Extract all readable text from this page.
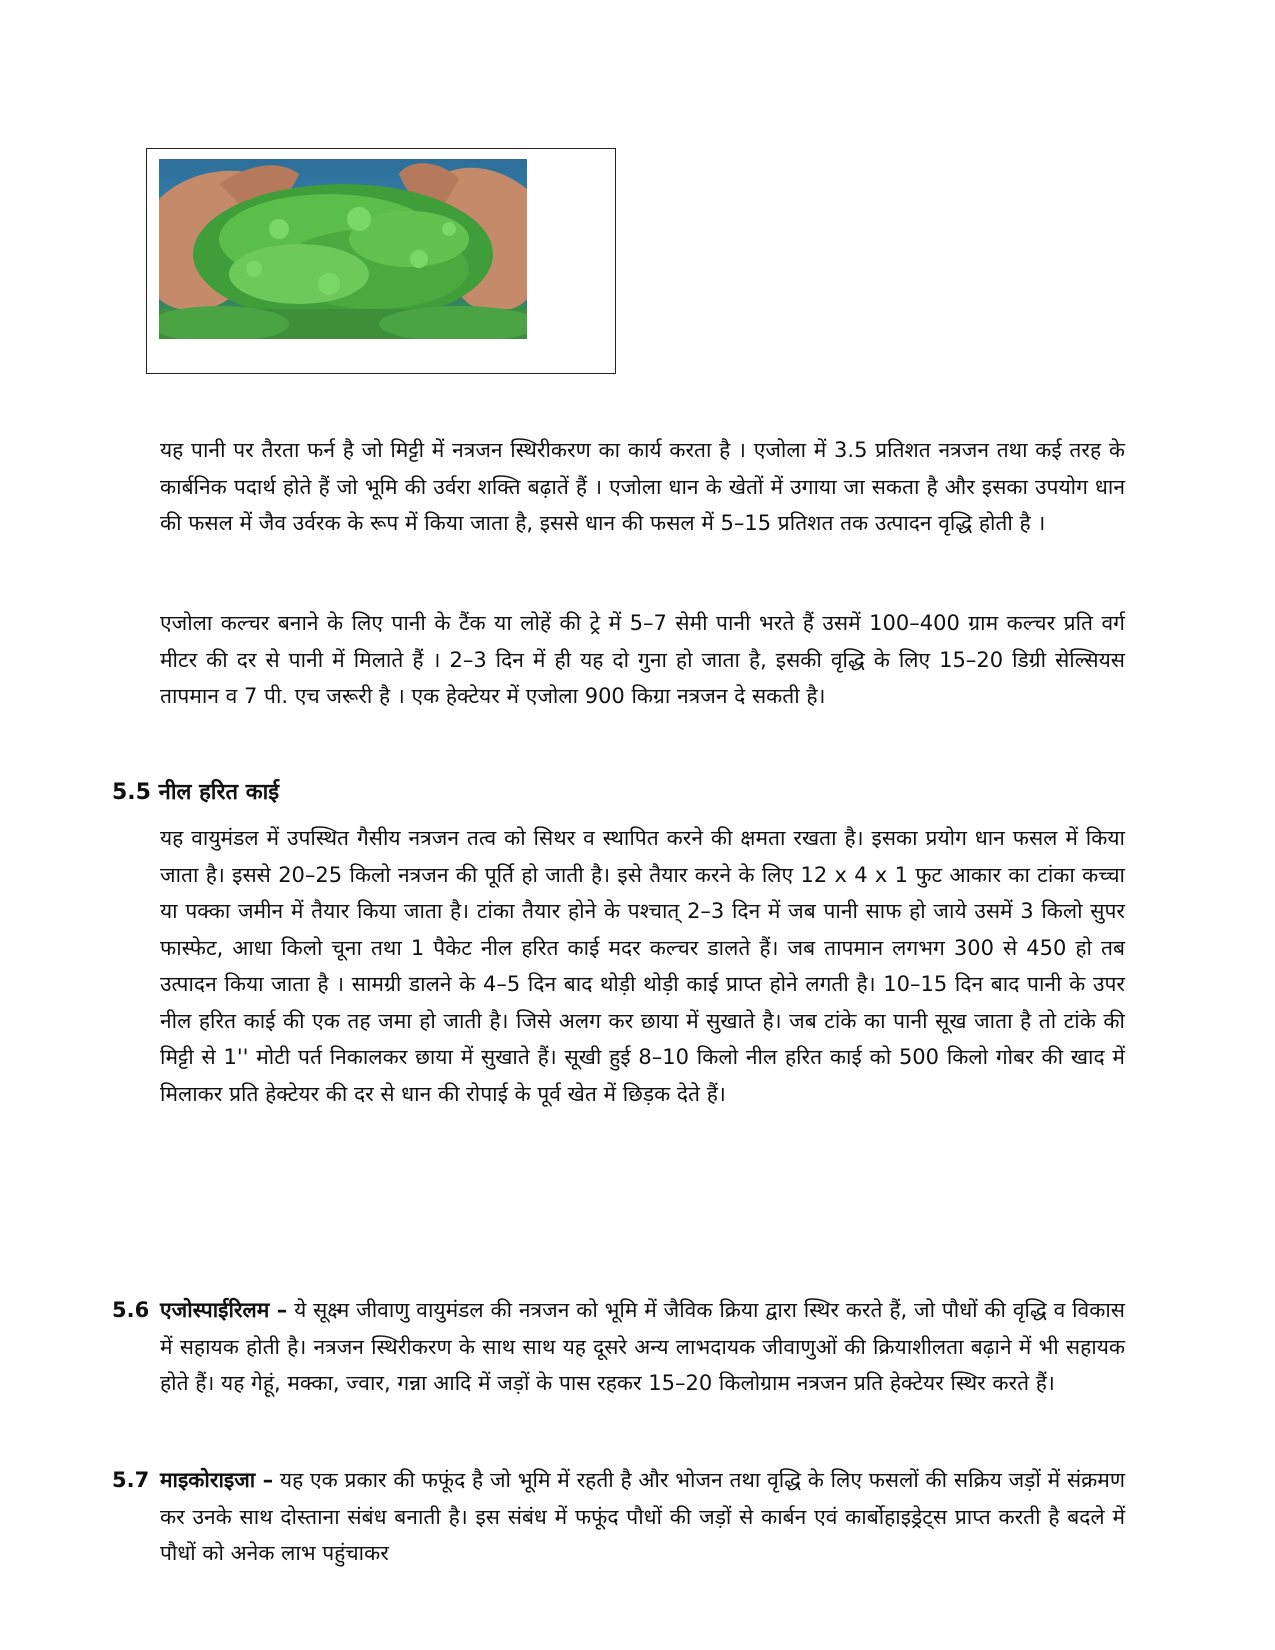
यह पानी पर तैरता फर्न है जो मिट्टी में नत्रजन स्थिरीकरण का कार्य करता है । एजोला में 3.5 प्रतिशत नत्रजन तथा कई तरह के कार्बनिक पदार्थ होते हैं जो भूमि की उर्वरा शक्ति बढ़ातें हैं । एजोला धान के खेतों में उगाया जा सकता है और इसका उपयोग धान की फसल में जैव उर्वरक के रूप में किया जाता है, इससे धान की फसल में 5–15 प्रतिशत तक उत्पादन वृद्धि होती है ।

एजोला कल्चर बनाने के लिए पानी के टैंक या लोहें की ट्रे में 5–7 सेमी पानी भरते हैं उसमें 100–400 ग्राम कल्चर प्रति वर्ग मीटर की दर से पानी में मिलाते हैं । 2–3 दिन में ही यह दो गुना हो जाता है, इसकी वृद्धि के लिए 15–20 डिग्री सेल्सियस तापमान व 7 पी. एच जरूरी है । एक हेक्टेयर में एजोला 900 किग्रा नत्रजन दे सकती है।

5.5 नील हरित काई

यह वायुमंडल में उपस्थित गैसीय नत्रजन तत्व को सिथर व स्थापित करने की क्षमता रखता है। इसका प्रयोग धान फसल में किया जाता है। इससे 20–25 किलो नत्रजन की पूर्ति हो जाती है। इसे तैयार करने के लिए 12 x 4 x 1 फुट आकार का टांका कच्चा या पक्का जमीन में तैयार किया जाता है। टांका तैयार होने के पश्चात् 2–3 दिन में जब पानी साफ हो जाये उसमें 3 किलो सुपर फास्फेट, आधा किलो चूना तथा 1 पैकेट नील हरित काई मदर कल्चर डालते हैं। जब तापमान लगभग 300 से 450 हो तब उत्पादन किया जाता है । सामग्री डालने के 4–5 दिन बाद थोड़ी थोड़ी काई प्राप्त होने लगती है। 10–15 दिन बाद पानी के उपर नील हरित काई की एक तह जमा हो जाती है। जिसे अलग कर छाया में सुखाते है। जब टांके का पानी सूख जाता है तो टांके की मिट्टी से 1'' मोटी पर्त निकालकर छाया में सुखाते हैं। सूखी हुई 8–10 किलो नील हरित काई को 500 किलो गोबर की खाद में मिलाकर प्रति हेक्टेयर की दर से धान की रोपाई के पूर्व खेत में छिड़क देते हैं।

5.6 एजोस्पाईरिलम – ये सूक्ष्म जीवाणु वायुमंडल की नत्रजन को भूमि में जैविक क्रिया द्वारा स्थिर करते हैं, जो पौधों की वृद्धि व विकास में सहायक होती है। नत्रजन स्थिरीकरण के साथ साथ यह दूसरे अन्य लाभदायक जीवाणुओं की क्रियाशीलता बढ़ाने में भी सहायक होते हैं। यह गेहूं, मक्का, ज्वार, गन्ना आदि में जड़ों के पास रहकर 15–20 किलोग्राम नत्रजन प्रति हेक्टेयर स्थिर करते हैं।
5.7 माइकोराइजा – यह एक प्रकार की फफूंद है जो भूमि में रहती है और भोजन तथा वृद्धि के लिए फसलों की सक्रिय जड़ों में संक्रमण कर उनके साथ दोस्ताना संबंध बनाती है। इस संबंध में फफूंद पौधों की जड़ों से कार्बन एवं कार्बोहाइड्रेट्स प्राप्त करती है बदले में पौधों को अनेक लाभ पहुंचाकर
